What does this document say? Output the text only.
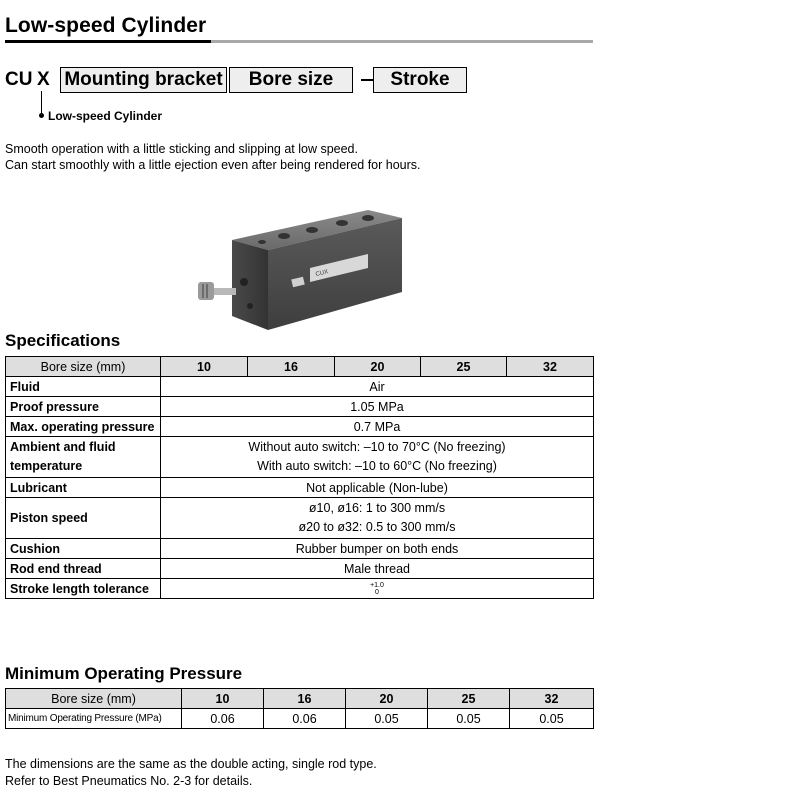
Low-speed Cylinder
CU X Mounting bracket	Bore size	Stroke
Low-speed Cylinder
Smooth operation with a little sticking and slipping at low speed.
Can start smoothly with a little ejection even after being rendered for hours.
CUX
Specifications
Bore size (mm)	10	16	20	25	32
Fluid	Air				
Proof pressure	1.05 MPa				
Max. operating pressure	0.7 MPa				
Ambient and fluid temperature	Without auto switch: –10 to 70°C (No freezing)
With auto switch: –10 to 60°C (No freezing)				

Lubricant	Not applicable (Non-lube)				
Piston speed	ø10, ø16: 1 to 300 mm/s
ø20 to ø32: 0.5 to 300 mm/s				

Cushion	Rubber bumper on both ends				
Rod end thread	Male thread				
Stroke length tolerance	+1.0
0				
Minimum Operating Pressure
Bore size (mm)	10	16	20	25	32
Minimum Operating Pressure (MPa)	0.06	0.06	0.05	0.05	0.05
The dimensions are the same as the double acting, single rod type.
Refer to Best Pneumatics No. 2-3 for details.
